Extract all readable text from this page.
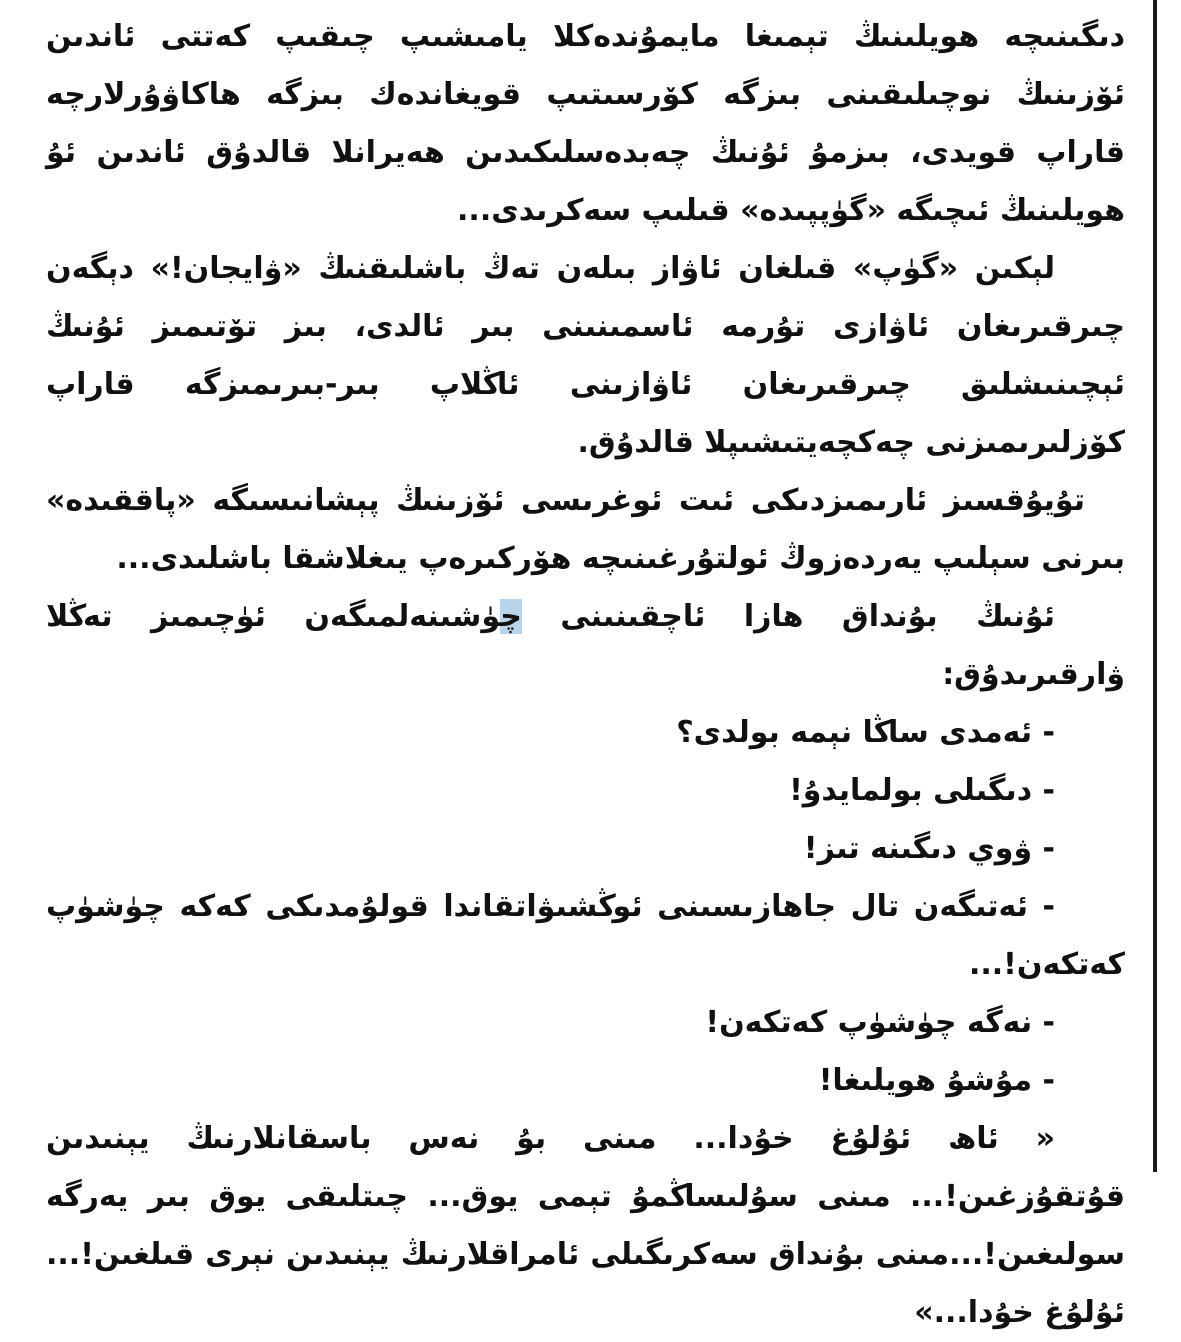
دىگىنىچە ھويلىنىڭ تېمىغا مايمۇندەكلا يامىشىپ چىقىپ كەتتى ئاندىن ئۆزىنىڭ نوچىلىقىنى بىزگە كۆرسىتىپ قويغاندەك بىزگە ھاكاۋۇرلارچە قاراپ قويدى، بىزمۇ ئۇنىڭ چەبدەسلىكىدىن ھەيرانلا قالدۇق ئاندىن ئۇ ھويلىنىڭ ئىچىگە «گۈپپىدە» قىلىپ سەكرىدى...

لېكىن «گۈپ» قىلغان ئاۋاز بىلەن تەڭ باشلىقنىڭ «ۋايجان!» دېگەن چىرقىرىغان ئاۋازى تۇرمە ئاسمىنىنى بىر ئالدى، بىز تۆتىمىز ئۇنىڭ ئېچىنىشلىق چىرقىرىغان ئاۋازىنى ئاڭلاپ بىر-بىرىمىزگە قاراپ كۆزلىرىمىزنى چەكچەيتىشىپلا قالدۇق.

تۇيۇقسىز ئارىمىزدىكى ئىت ئوغرىسى ئۆزىنىڭ پېشانىسىگە «پاققىدە» بىرنى سېلىپ يەردەزوڭ ئولتۇرغىنىچە ھۆركىرەپ يىغلاشقا باشلىدى...

ئۇنىڭ بۇنداق ھازا ئاچقىنىنى چۈشىنەلمىگەن ئۈچىمىز تەڭلا ۋارقىرىدۇق:

- ئەمدى ساڭا نېمە بولدى؟

- دىگىلى بولمايدۇ!

- ۋوي دىگىنە تىز!

- ئەتىگەن تال جاھازىسىنى ئوڭشىۋاتقاندا قولۇمدىكى كەكە چۈشۈپ كەتكەن!...

- نەگە چۈشۈپ كەتكەن!

- مۇشۇ ھويلىغا!

« ئاھ ئۇلۇغ خۇدا... مىنى بۇ نەس باسقانلارنىڭ يېنىدىن قۇتقۇزغىن!... مىنى سۇلىساڭمۇ تېمى يوق... چىتلىقى يوق بىر يەرگە سولىغىن!...مىنى بۇنداق سەكرىگىلى ئامراقلارنىڭ يېنىدىن نېرى قىلغىن!... ئۇلۇغ خۇدا...»
